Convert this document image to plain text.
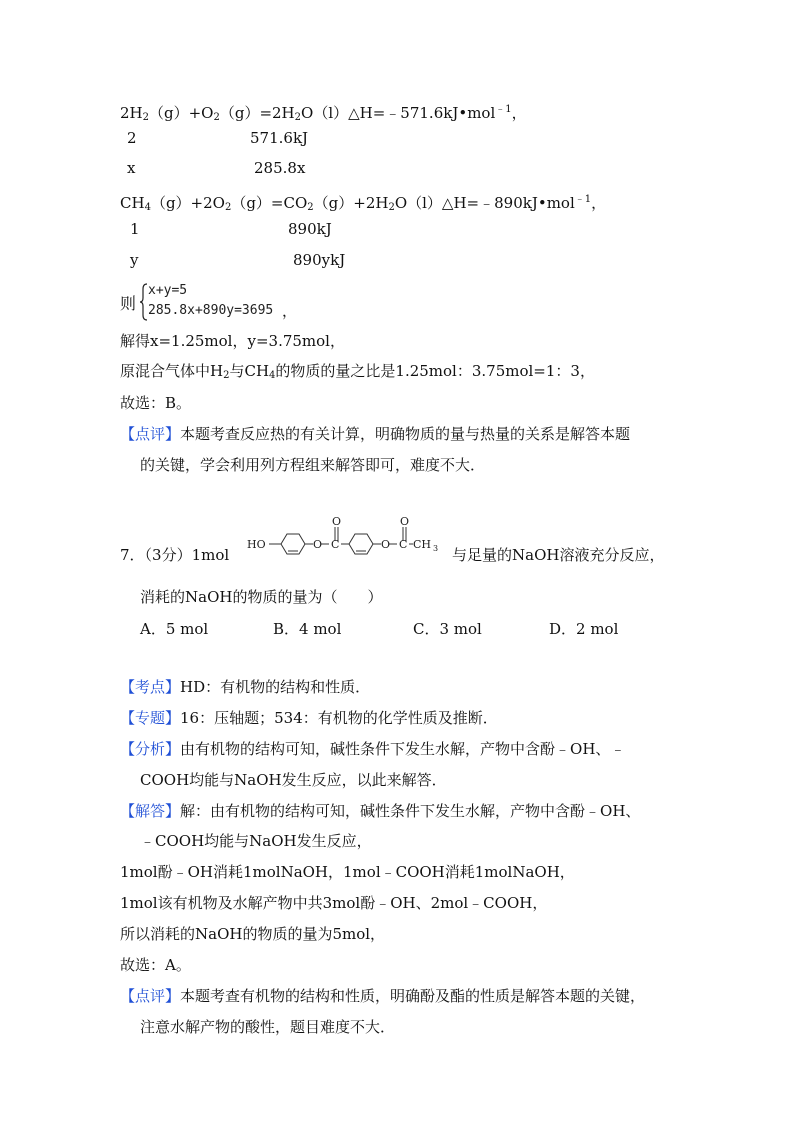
$2H_2(g)+O_2(g)=2H_2O(l)\triangle H=﹣571.6kJ•mol^{﹣1}$，
2	571.6kJ
x	285.8x
$CH_4(g)+2O_2(g)=CO_2(g)+2H_2O(l)\triangle H=﹣890kJ•mol^{﹣1}$，
1	890kJ
y	890ykJ
则
x+y=5
285.8x+890y=3695 ，
解得x=1.25mol，y=3.75mol，
原混合气体中$H_2$与$CH_4$的物质的量之比是1.25mol：3.75mol=1：3，
故选：B。
【点评】本题考查反应热的有关计算，明确物质的量与热量的关系是解答本题
的关键，学会利用列方程组来解答即可，难度不大．
7．（3分）1mol
HO	O C
O
O C
O
CH 3 与足量的NaOH溶液充分反应，
消耗的NaOH的物质的量为（　　）
A．5 mol	B．4 mol	C．3 mol	D．2 mol
【考点】HD：有机物的结构和性质．
【专题】16：压轴题；534：有机物的化学性质及推断．
【分析】由有机物的结构可知，碱性条件下发生水解，产物中含酚﹣OH、﹣
COOH均能与NaOH发生反应，以此来解答．
【解答】解：由有机物的结构可知，碱性条件下发生水解，产物中含酚﹣OH、
﹣COOH均能与NaOH发生反应，
1mol酚﹣OH消耗1molNaOH，1mol﹣COOH消耗1molNaOH，
1mol该有机物及水解产物中共3mol酚﹣OH、2mol﹣COOH，
所以消耗的NaOH的物质的量为5mol，
故选：A。
【点评】本题考查有机物的结构和性质，明确酚及酯的性质是解答本题的关键，
注意水解产物的酸性，题目难度不大．
